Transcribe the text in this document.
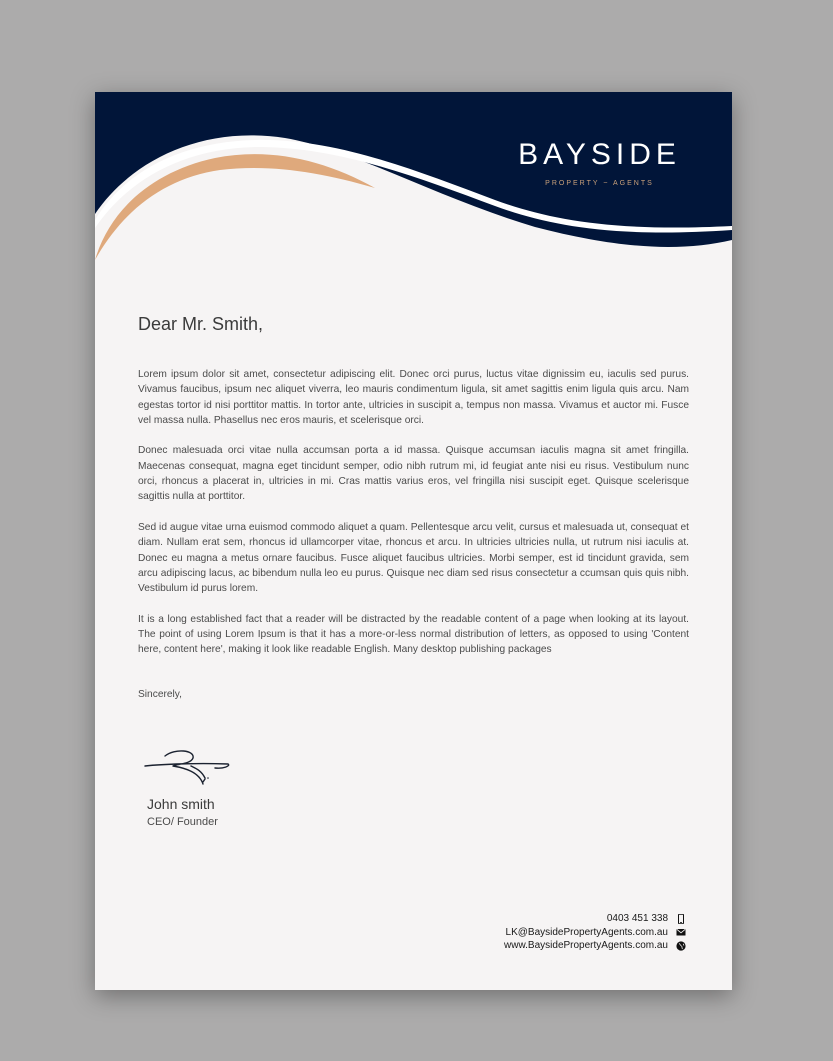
BAYSIDE
PROPERTY ~ AGENTS
Dear Mr. Smith,

Lorem ipsum dolor sit amet, consectetur adipiscing elit. Donec orci purus, luctus vitae dignissim eu, iaculis sed purus. Vivamus faucibus, ipsum nec aliquet viverra, leo mauris condimentum ligula, sit amet sagittis enim ligula quis arcu. Nam egestas tortor id nisi porttitor mattis. In tortor ante, ultricies in suscipit a, tempus non massa. Vivamus et auctor mi. Fusce vel massa nulla. Phasellus nec eros mauris, et scelerisque orci.

Donec malesuada orci vitae nulla accumsan porta a id massa. Quisque accumsan iaculis magna sit amet fringilla. Maecenas consequat, magna eget tincidunt semper, odio nibh rutrum mi, id feugiat ante nisi eu risus. Vestibulum nunc orci, rhoncus a placerat in, ultricies in mi. Cras mattis varius eros, vel fringilla nisi suscipit eget. Quisque scelerisque sagittis nulla at porttitor.

Sed id augue vitae urna euismod commodo aliquet a quam. Pellentesque arcu velit, cursus et malesuada ut, consequat et diam. Nullam erat sem, rhoncus id ullamcorper vitae, rhoncus et arcu. In ultricies ultricies nulla, ut rutrum nisi iaculis at. Donec eu magna a metus ornare faucibus. Fusce aliquet faucibus ultricies. Morbi semper, est id tincidunt gravida, sem arcu adipiscing lacus, ac bibendum nulla leo eu purus. Quisque nec diam sed risus consectetur a ccumsan quis quis nibh. Vestibulum id purus lorem.

It is a long established fact that a reader will be distracted by the readable content of a page when looking at its layout. The point of using Lorem Ipsum is that it has a more-or-less normal distribution of letters, as opposed to using 'Content here, content here', making it look like readable English. Many desktop publishing packages

Sincerely,
John smith
CEO/ Founder
0403 451 338
LK@BaysidePropertyAgents.com.au
www.BaysidePropertyAgents.com.au
